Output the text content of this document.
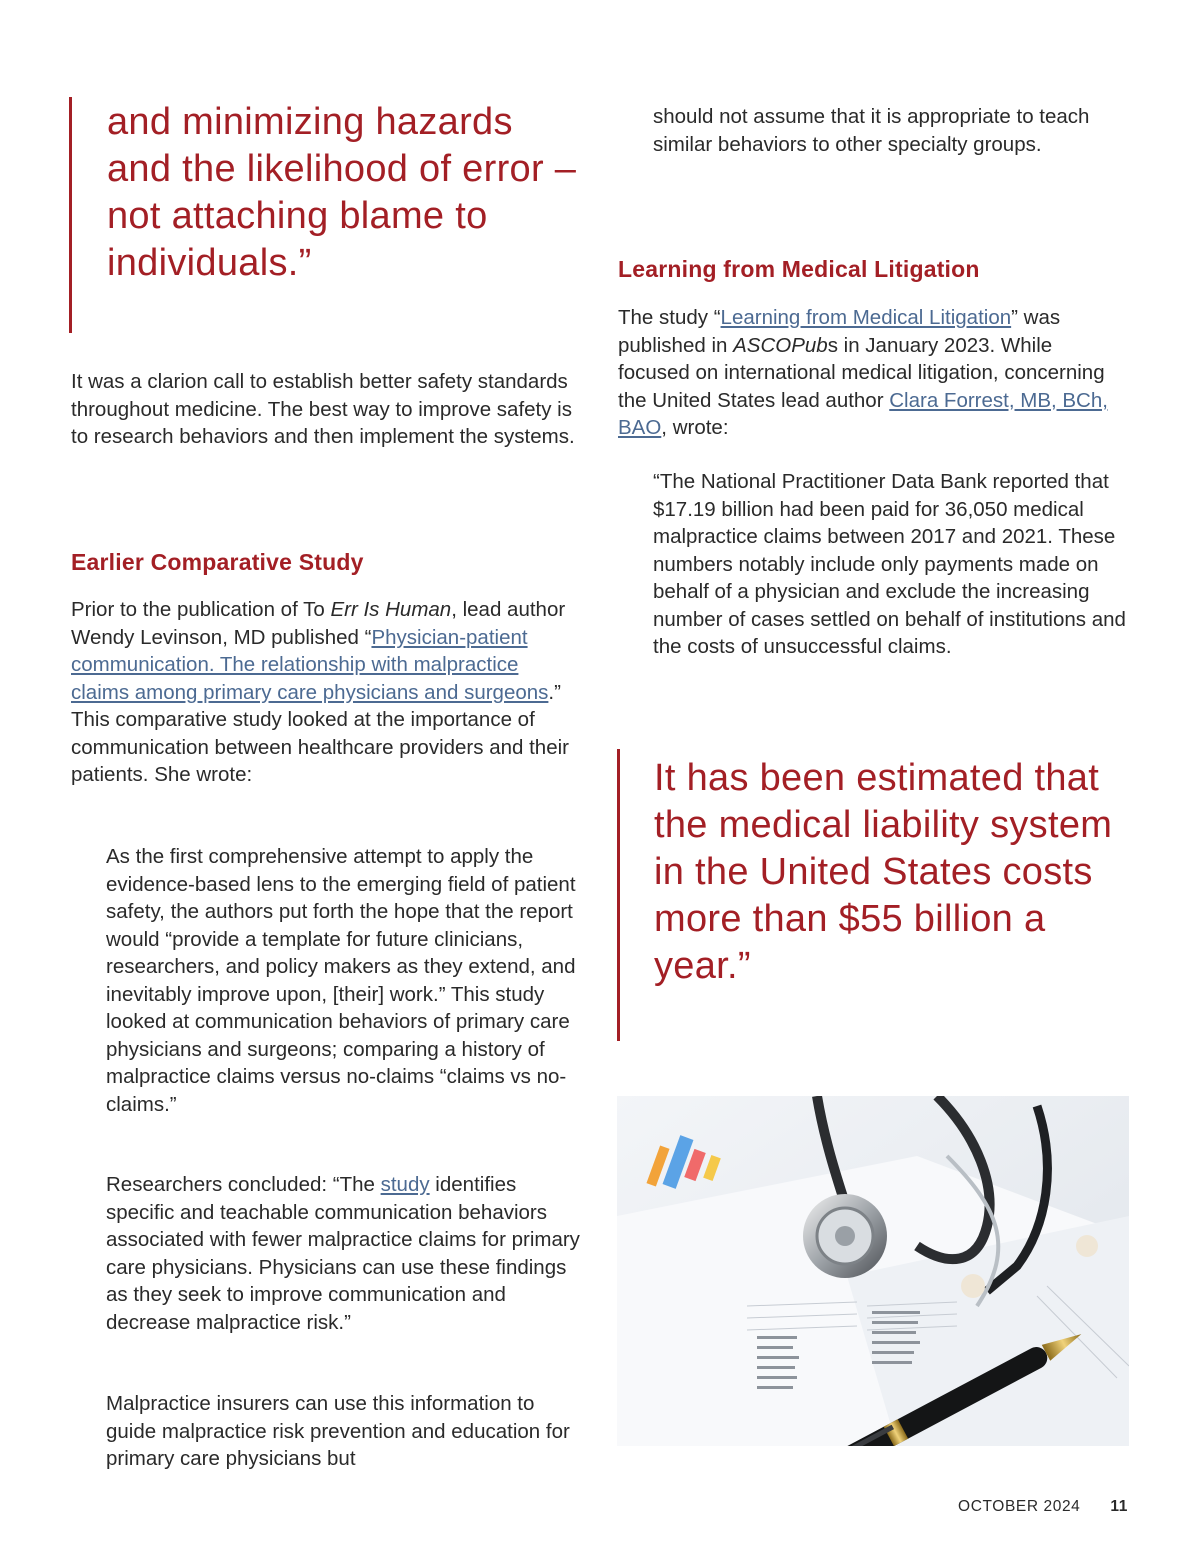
and minimizing hazards and the likelihood of error – not attaching blame to individuals.”

It was a clarion call to establish better safety standards throughout medicine. The best way to improve safety is to research behaviors and then implement the systems.

Earlier Comparative Study

Prior to the publication of To Err Is Human, lead author Wendy Levinson, MD published “Physician-patient communication. The relationship with malpractice claims among primary care physicians and surgeons.” This comparative study looked at the importance of communication between healthcare providers and their patients. She wrote:

As the first comprehensive attempt to apply the evidence-based lens to the emerging field of patient safety, the authors put forth the hope that the report would “provide a template for future clinicians, researchers, and policy makers as they extend, and inevitably improve upon, [their] work.” This study looked at communication behaviors of primary care physicians and surgeons; comparing a history of malpractice claims versus no-claims “claims vs no-claims.”

Researchers concluded: “The study identifies specific and teachable communication behaviors associated with fewer malpractice claims for primary care physicians. Physicians can use these findings as they seek to improve communication and decrease malpractice risk.”

Malpractice insurers can use this information to guide malpractice risk prevention and education for primary care physicians but

should not assume that it is appropriate to teach similar behaviors to other specialty groups.

Learning from Medical Litigation

The study “Learning from Medical Litigation” was published in ASCOPubs in January 2023. While focused on international medical litigation, concerning the United States lead author Clara Forrest, MB, BCh, BAO, wrote:

“The National Practitioner Data Bank reported that $17.19 billion had been paid for 36,050 medical malpractice claims between 2017 and 2021. These numbers notably include only payments made on behalf of a physician and exclude the increasing number of cases settled on behalf of institutions and the costs of unsuccessful claims.

It has been estimated that the medical liability system in the United States costs more than $55 billion a year.”

OCTOBER 2024 11
